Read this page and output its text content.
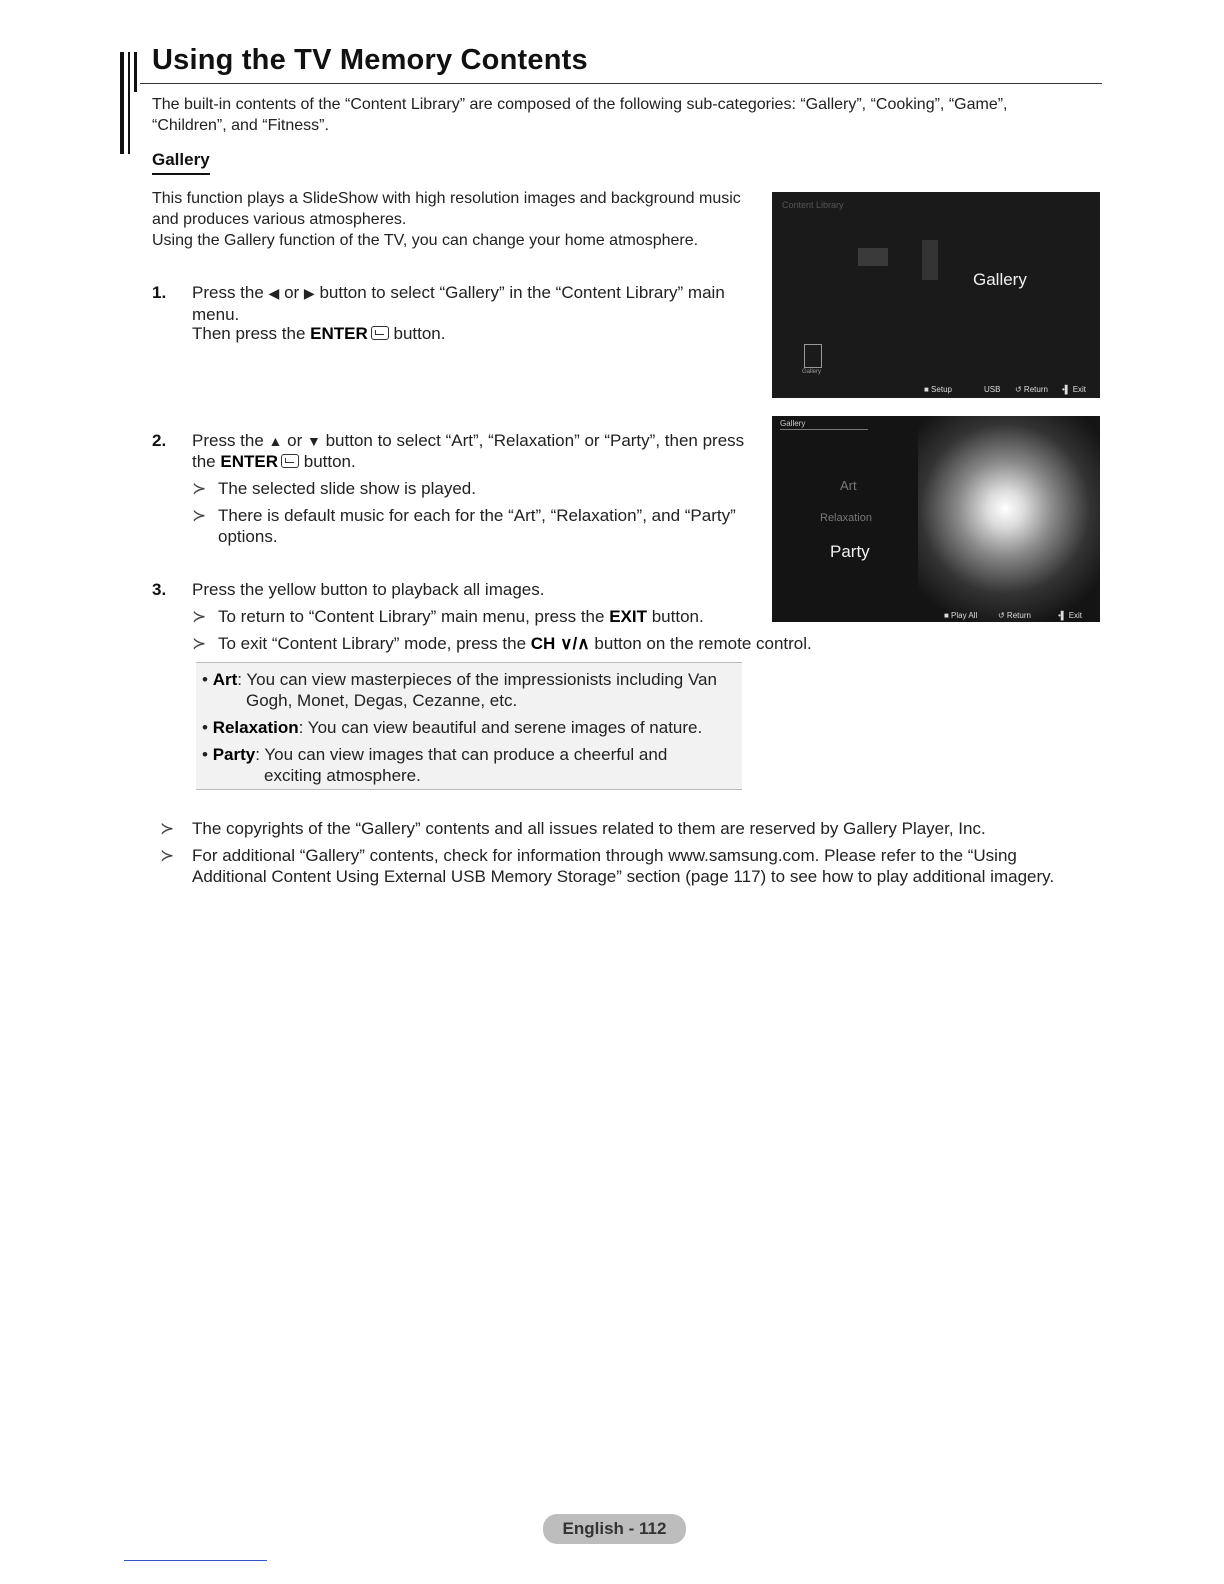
Using the TV Memory Contents
The built-in contents of the “Content Library” are composed of the following sub-categories: “Gallery”, “Cooking”, “Game”, “Children”, and “Fitness”.
Gallery
This function plays a SlideShow with high resolution images and background music
and produces various atmospheres.
Using the Gallery function of the TV, you can change your home atmosphere.
1. Press the ◀ or ▶ button to select “Gallery” in the “Content Library” main menu.
Then press the ENTER button.
Content Library
Gallery
Gallery
■ Setup	USB ↺ Return •▌ Exit
2. Press the ▲ or ▼ button to select “Art”, “Relaxation” or “Party”, then press
the ENTER button.
≻ The selected slide show is played.
≻ There is default music for each for the “Art”, “Relaxation”, and “Party”
options.
Gallery
Art
Relaxation
Party
■ Play All	↺ Return	•▌ Exit
3. Press the yellow button to playback all images.
≻ To return to “Content Library” main menu, press the EXIT button.
≻ To exit “Content Library” mode, press the CH ∨/∧ button on the remote control.
• Art: You can view masterpieces of the impressionists including Van
Gogh, Monet, Degas, Cezanne, etc.
• Relaxation: You can view beautiful and serene images of nature.
• Party: You can view images that can produce a cheerful and
exciting atmosphere.
≻ The copyrights of the “Gallery” contents and all issues related to them are reserved by Gallery Player, Inc.
≻ For additional “Gallery” contents, check for information through www.samsung.com. Please refer to the “Using Additional Content Using External USB Memory Storage” section (page 117) to see how to play additional imagery.
English - 112
